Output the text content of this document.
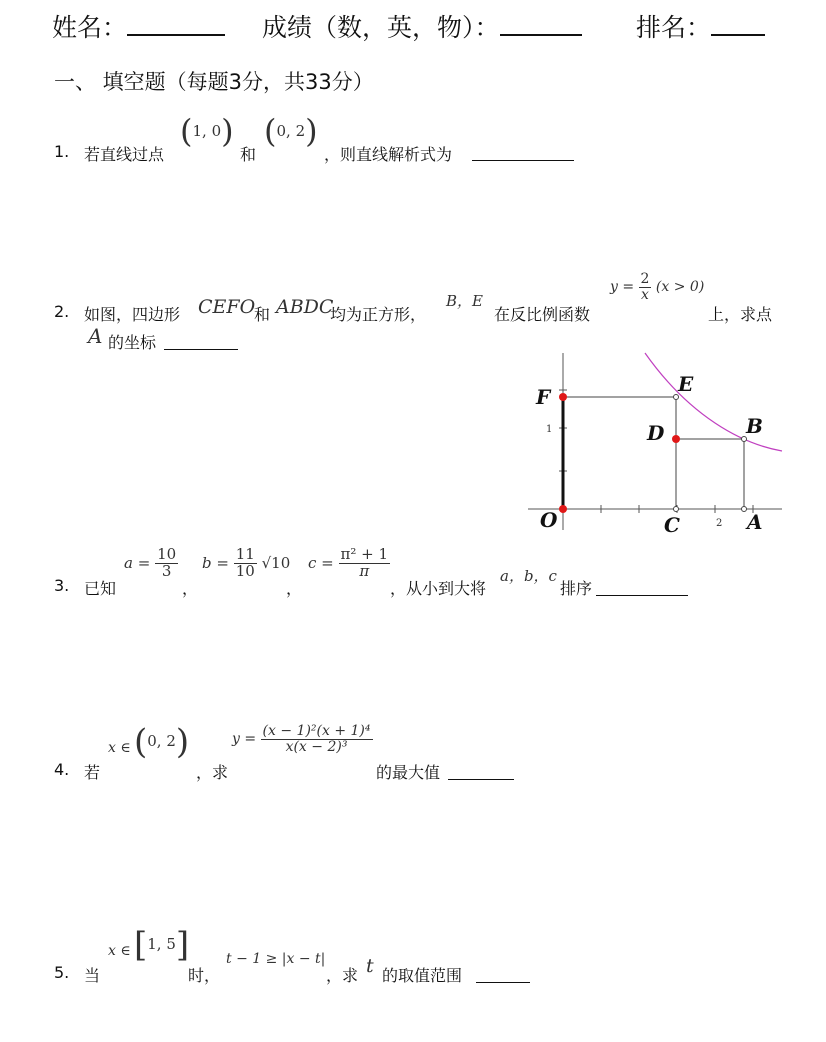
姓名：	成绩（数，英，物）：	排名：
一、 填空题（每题3分，共33分）
1. 若直线过点
(1, 0)
和
(0, 2)
，则直线解析式为
2. 如图，四边形 CEFO
和 ABDC
均为正方形，
B，E
在反比例函数
$y = \frac{2}{x} (x > 0)$
上，求点
A 的坐标
F
E
D	B
O	C	A
1
2
3. 已知
$a = \frac{10}{3}$
，
$b = \frac{11}{10} √10$
，
$c = \frac{\text{π² + 1}}{\pi}$
，从小到大将
a，b，c
排序
4. 若
x ∈ (0, 2)
，求
$y = \frac{\text{(x − 1)²(x + 1)⁴}}{\text{x(x − 2)³}}$
的最大值
5. 当
x ∈ [1, 5]
时，
t − 1 ≥ |x − t|
，求 t 的取值范围
